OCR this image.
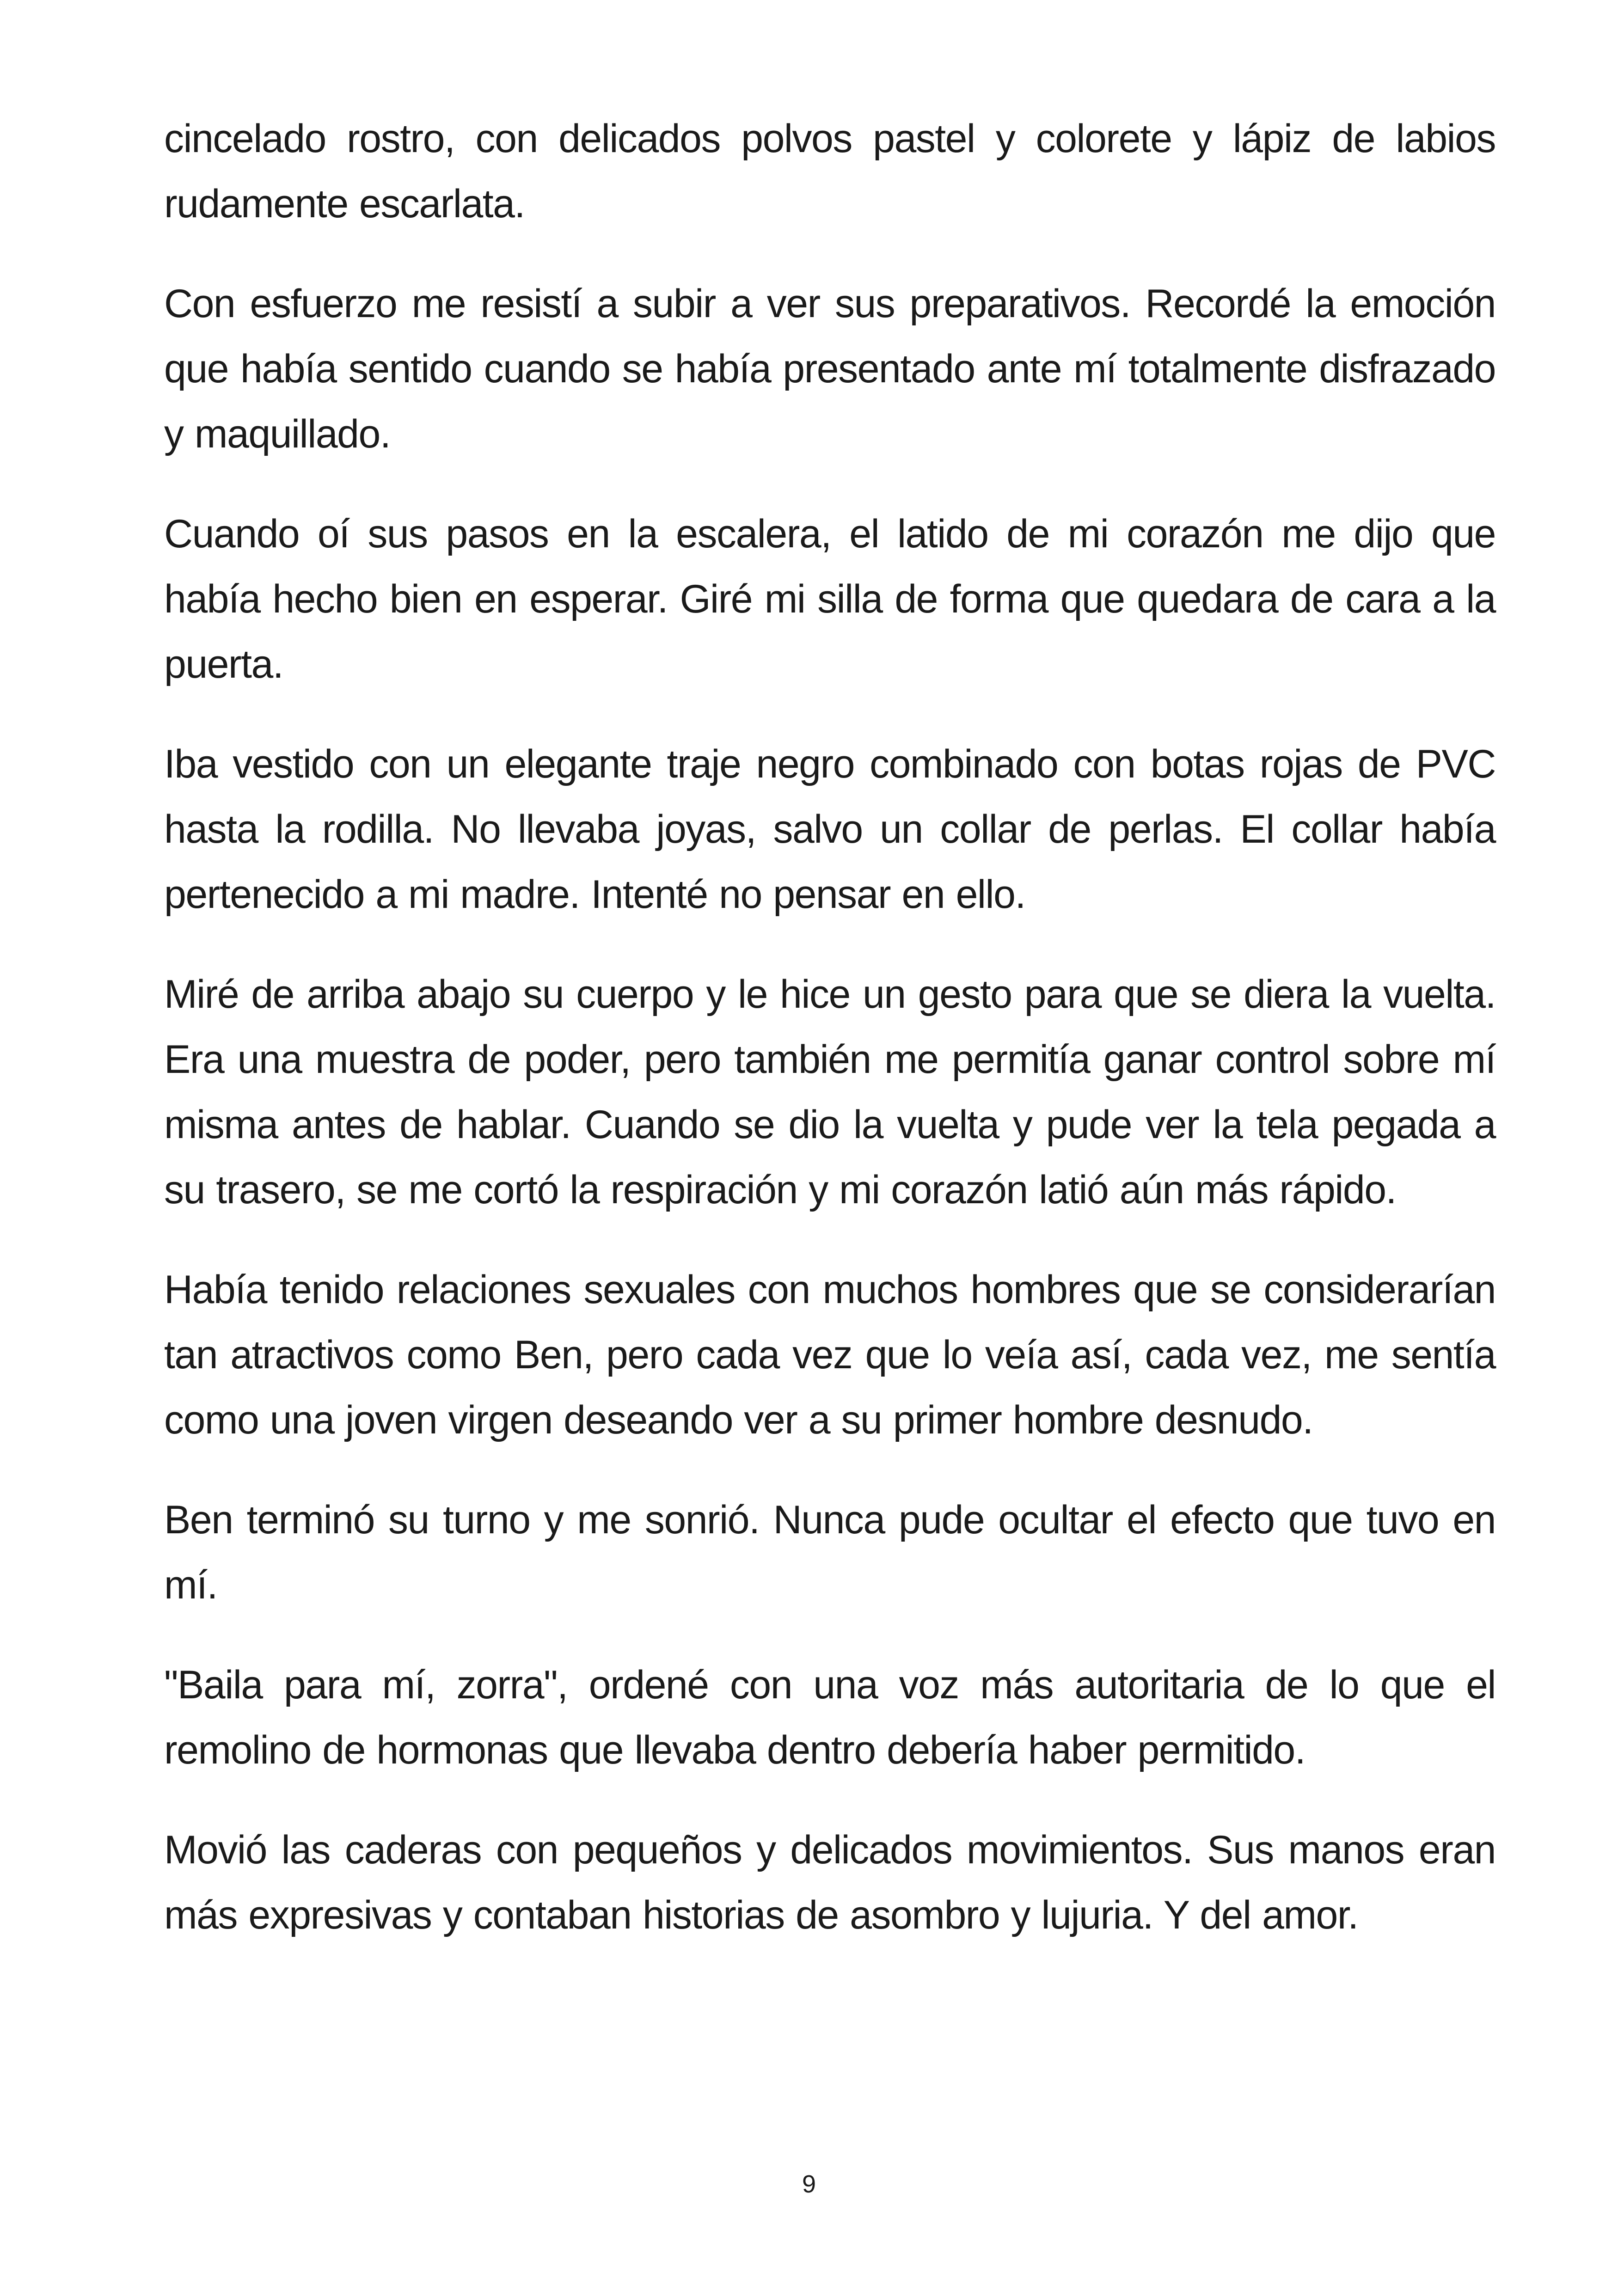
cincelado rostro, con delicados polvos pastel y colorete y lápiz de labios rudamente escarlata.

Con esfuerzo me resistí a subir a ver sus preparativos. Recordé la emoción que había sentido cuando se había presentado ante mí totalmente disfrazado y maquillado.

Cuando oí sus pasos en la escalera, el latido de mi corazón me dijo que había hecho bien en esperar. Giré mi silla de forma que quedara de cara a la puerta.

Iba vestido con un elegante traje negro combinado con botas rojas de PVC hasta la rodilla. No llevaba joyas, salvo un collar de perlas. El collar había pertenecido a mi madre. Intenté no pensar en ello.

Miré de arriba abajo su cuerpo y le hice un gesto para que se diera la vuelta. Era una muestra de poder, pero también me permitía ganar control sobre mí misma antes de hablar. Cuando se dio la vuelta y pude ver la tela pegada a su trasero, se me cortó la respiración y mi corazón latió aún más rápido.

Había tenido relaciones sexuales con muchos hombres que se considerarían tan atractivos como Ben, pero cada vez que lo veía así, cada vez, me sentía como una joven virgen deseando ver a su primer hombre desnudo.

Ben terminó su turno y me sonrió. Nunca pude ocultar el efecto que tuvo en mí.

"Baila para mí, zorra", ordené con una voz más autoritaria de lo que el remolino de hormonas que llevaba dentro debería haber permitido.

Movió las caderas con pequeños y delicados movimientos. Sus manos eran más expresivas y contaban historias de asombro y lujuria. Y del amor.

9
